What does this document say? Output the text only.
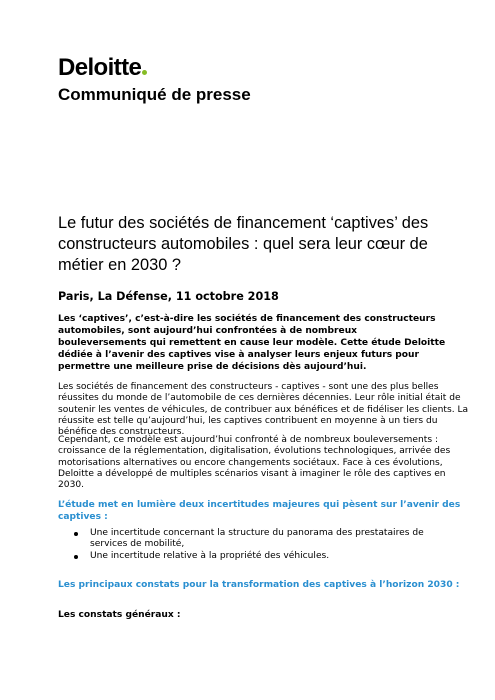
Deloitte
Communiqué de presse
Le futur des sociétés de financement ‘captives’ des constructeurs automobiles : quel sera leur cœur de métier en 2030 ?
Paris, La Défense, 11 octobre 2018
Les ‘captives’, c’est-à-dire les sociétés de financement des constructeurs automobiles, sont aujourd’hui confrontées à de nombreux bouleversements qui remettent en cause leur modèle. Cette étude Deloitte dédiée à l’avenir des captives vise à analyser leurs enjeux futurs pour permettre une meilleure prise de décisions dès aujourd’hui.
Les sociétés de financement des constructeurs - captives - sont une des plus belles réussites du monde de l’automobile de ces dernières décennies. Leur rôle initial était de soutenir les ventes de véhicules, de contribuer aux bénéfices et de fidéliser les clients. La réussite est telle qu’aujourd’hui, les captives contribuent en moyenne à un tiers du bénéfice des constructeurs.
Cependant, ce modèle est aujourd’hui confronté à de nombreux bouleversements : croissance de la réglementation, digitalisation, évolutions technologiques, arrivée des motorisations alternatives ou encore changements sociétaux. Face à ces évolutions, Deloitte a développé de multiples scénarios visant à imaginer le rôle des captives en 2030.
L’étude met en lumière deux incertitudes majeures qui pèsent sur l’avenir des captives :
Une incertitude concernant la structure du panorama des prestataires de services de mobilité,
Une incertitude relative à la propriété des véhicules.
Les principaux constats pour la transformation des captives à l’horizon 2030 :
Les constats généraux :
